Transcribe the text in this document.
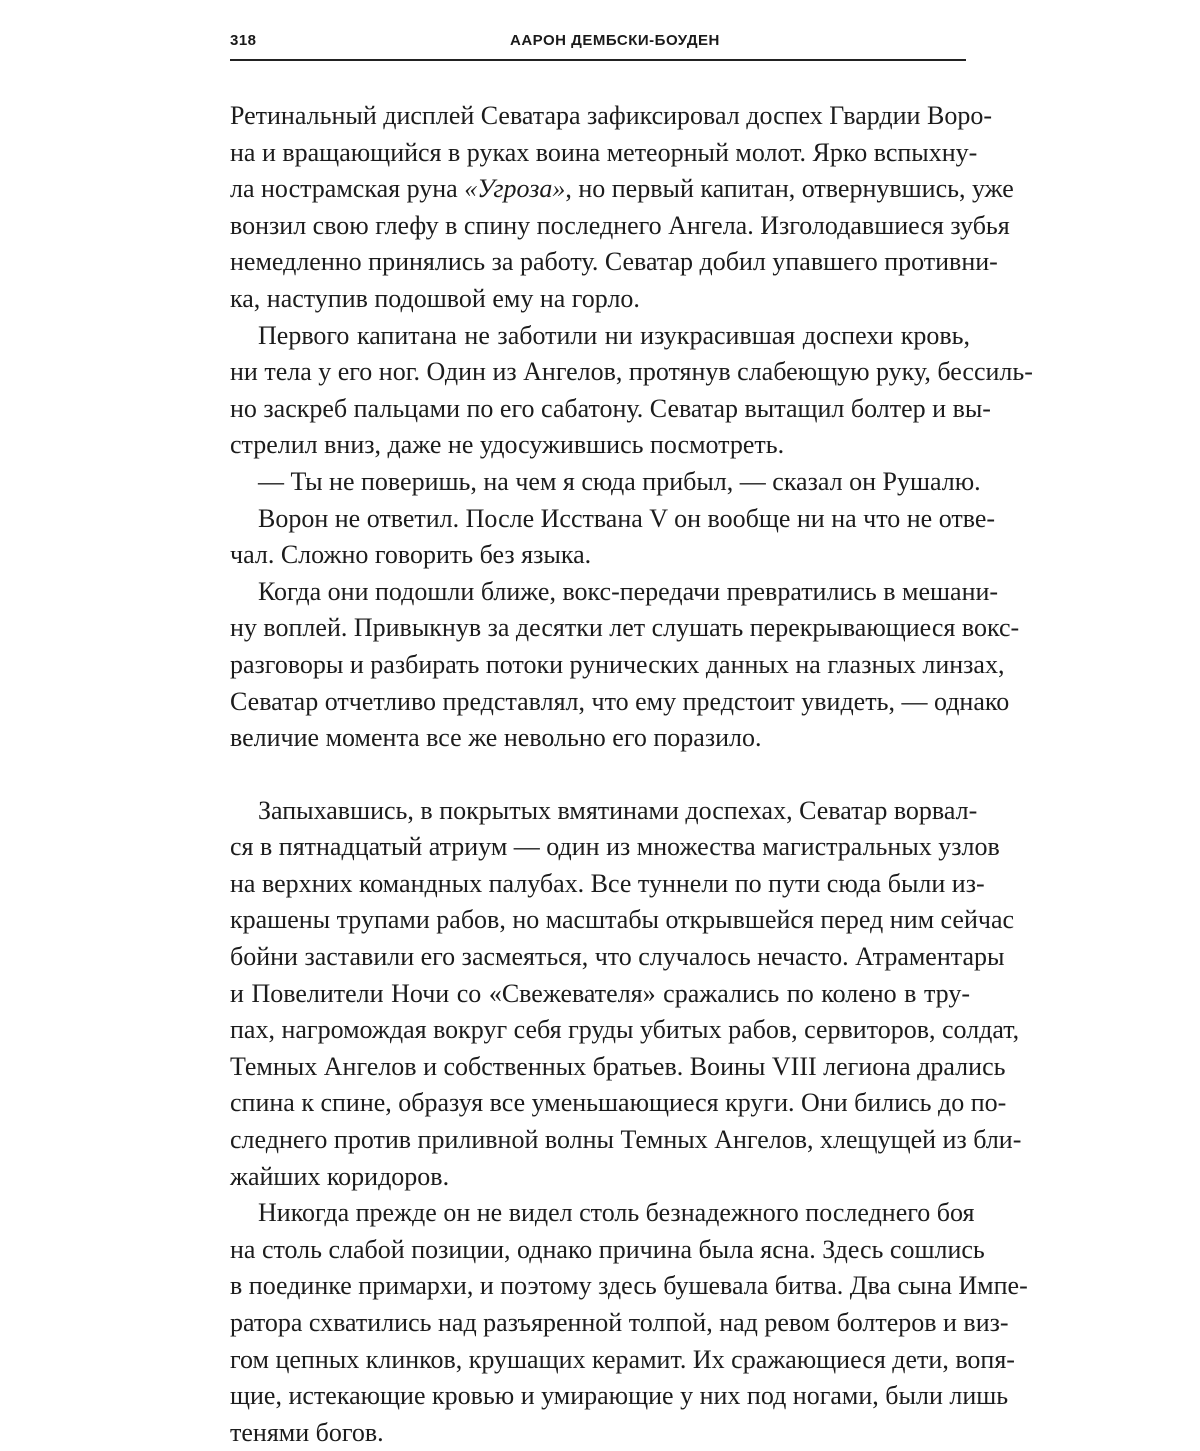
318	ААРОН ДЕМБСКИ-БОУДЕН
Ретинальный дисплей Севатара зафиксировал доспех Гвардии Воро-
на и вращающийся в руках воина метеорный молот. Ярко вспыхну-
ла нострамская руна «Угроза», но первый капитан, отвернувшись, уже
вонзил свою глефу в спину последнего Ангела. Изголодавшиеся зубья
немедленно принялись за работу. Севатар добил упавшего противни-
ка, наступив подошвой ему на горло.
Первого капитана не заботили ни изукрасившая доспехи кровь,
ни тела у его ног. Один из Ангелов, протянув слабеющую руку, бессиль-
но заскреб пальцами по его сабатону. Севатар вытащил болтер и вы-
стрелил вниз, даже не удосужившись посмотреть.
— Ты не поверишь, на чем я сюда прибыл, — сказал он Рушалю.
Ворон не ответил. После Исствана V он вообще ни на что не отве-
чал. Сложно говорить без языка.
Когда они подошли ближе, вокс-передачи превратились в мешани-
ну воплей. Привыкнув за десятки лет слушать перекрывающиеся вокс-
разговоры и разбирать потоки рунических данных на глазных линзах,
Севатар отчетливо представлял, что ему предстоит увидеть, — однако
величие момента все же невольно его поразило.
Запыхавшись, в покрытых вмятинами доспехах, Севатар ворвал-
ся в пятнадцатый атриум — один из множества магистральных узлов
на верхних командных палубах. Все туннели по пути сюда были из-
крашены трупами рабов, но масштабы открывшейся перед ним сейчас
бойни заставили его засмеяться, что случалось нечасто. Атраментары
и Повелители Ночи со «Свежевателя» сражались по колено в тру-
пах, нагромождая вокруг себя груды убитых рабов, сервиторов, солдат,
Темных Ангелов и собственных братьев. Воины VIII легиона дрались
спина к спине, образуя все уменьшающиеся круги. Они бились до по-
следнего против приливной волны Темных Ангелов, хлещущей из бли-
жайших коридоров.
Никогда прежде он не видел столь безнадежного последнего боя
на столь слабой позиции, однако причина была ясна. Здесь сошлись
в поединке примархи, и поэтому здесь бушевала битва. Два сына Импе-
ратора схватились над разъяренной толпой, над ревом болтеров и виз-
гом цепных клинков, крушащих керамит. Их сражающиеся дети, вопя-
щие, истекающие кровью и умирающие у них под ногами, были лишь
тенями богов.
